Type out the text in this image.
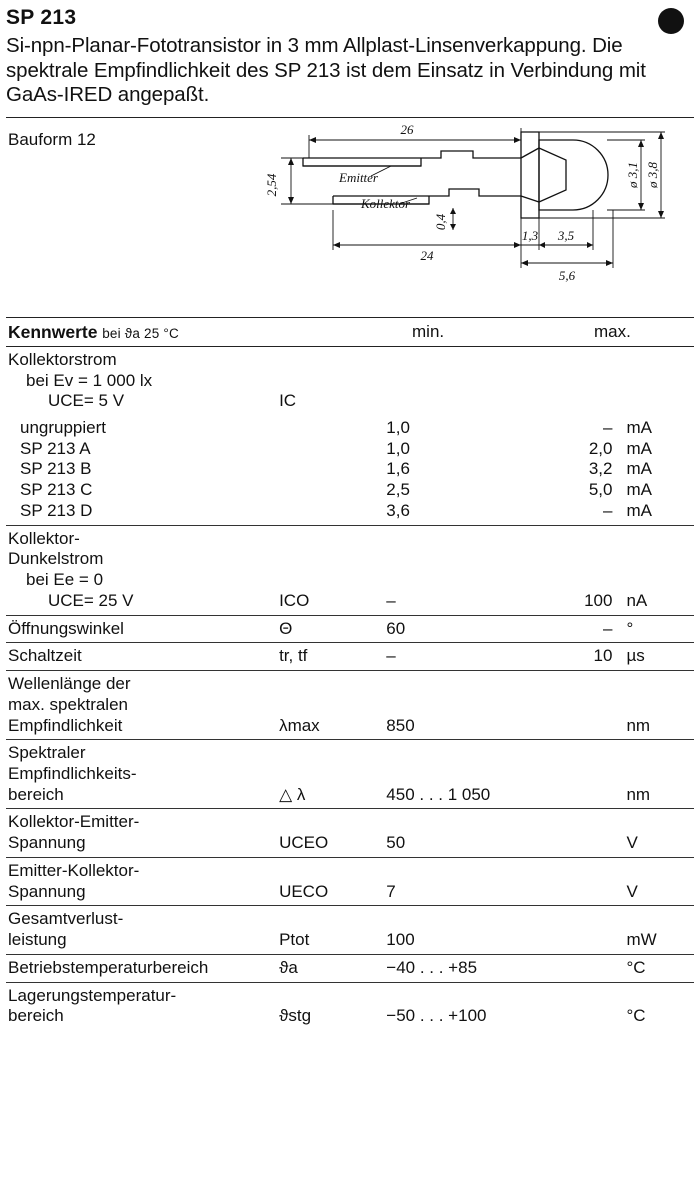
SP 213
Si-npn-Planar-Fototransistor in 3 mm Allplast-Linsenverkappung. Die spektrale Empfindlichkeit des SP 213 ist dem Einsatz in Verbindung mit GaAs-IRED angepaßt.
Bauform 12
26
24
2,54
0,4
1,3 3,5
5,6
ø 3,1 ø 3,8
Emitter
Kollektor
Kennwerte bei ϑa 25 °C	min.	max.
Kollektorstrom				
bei Ev = 1 000 lx				
UCE= 5 V	IC			
ungruppiert		1,0	–	mA
SP 213 A		1,0	2,0	mA
SP 213 B		1,6	3,2	mA
SP 213 C		2,5	5,0	mA
SP 213 D		3,6	–	mA
Kollektor-				
Dunkelstrom				
bei Ee = 0				
UCE= 25 V	ICO	–	100	nA
Öffnungswinkel	Θ	60	–	°
Schaltzeit	tr, tf	–	10	µs
Wellenlänge der				
max. spektralen				
Empfindlichkeit	λmax	850		nm
Spektraler				
Empfindlichkeits-				
bereich	△ λ	450 . . . 1 050		nm
Kollektor-Emitter-				
Spannung	UCEO	50		V
Emitter-Kollektor-				
Spannung	UECO	7		V
Gesamtverlust-				
leistung	Ptot	100		mW
Betriebstemperaturbereich	ϑa	−40 . . . +85		°C
Lagerungstemperatur-				
bereich	ϑstg	−50 . . . +100		°C
